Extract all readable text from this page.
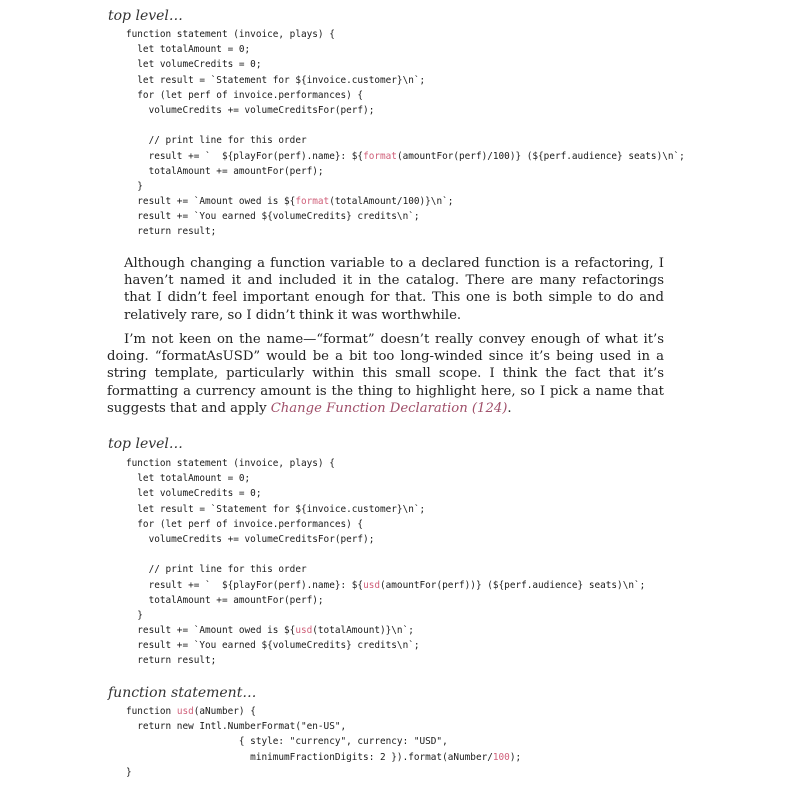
top level…
function statement (invoice, plays) {
let totalAmount = 0;
let volumeCredits = 0;
let result = `Statement for ${invoice.customer}\n`;
for (let perf of invoice.performances) {
volumeCredits += volumeCreditsFor(perf);
// print line for this order
result += `  ${playFor(perf).name}: ${format(amountFor(perf)/100)} (${perf.audience} seats)\n`;
totalAmount += amountFor(perf);
}
result += `Amount owed is ${format(totalAmount/100)}\n`;
result += `You earned ${volumeCredits} credits\n`;
return result;

Although changing a function variable to a declared function is a refactoring, I haven’t named it and included it in the catalog. There are many refactorings that I didn’t feel important enough for that. This one is both simple to do and relatively rare, so I didn’t think it was worthwhile.

I’m not keen on the name—“format” doesn’t really convey enough of what it’s doing. “formatAsUSD” would be a bit too long-winded since it’s being used in a string template, particularly within this small scope. I think the fact that it’s formatting a currency amount is the thing to highlight here, so I pick a name that suggests that and apply Change Function Declaration (124).

top level…
function statement (invoice, plays) {
let totalAmount = 0;
let volumeCredits = 0;
let result = `Statement for ${invoice.customer}\n`;
for (let perf of invoice.performances) {
volumeCredits += volumeCreditsFor(perf);
// print line for this order
result += `  ${playFor(perf).name}: ${usd(amountFor(perf))} (${perf.audience} seats)\n`;
totalAmount += amountFor(perf);
}
result += `Amount owed is ${usd(totalAmount)}\n`;
result += `You earned ${volumeCredits} credits\n`;
return result;
function statement…
function usd(aNumber) {
return new Intl.NumberFormat("en-US",
{ style: "currency", currency: "USD",
minimumFractionDigits: 2 }).format(aNumber/100);
}
